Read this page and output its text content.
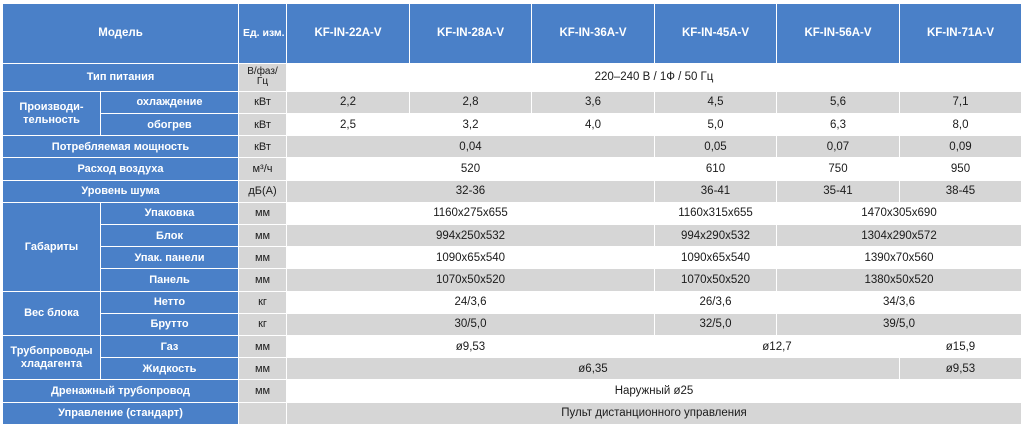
Модель		Ед. изм.	KF-IN-22A-V	KF-IN-28A-V	KF-IN-36A-V	KF-IN-45A-V	KF-IN-56A-V	KF-IN-71A-V
Тип питания		В/фаз/Гц	220–240 В / 1Ф / 50 Гц					
Производи-тельность	охлаждение	кВт	2,2	2,8	3,6	4,5	5,6	7,1
	обогрев	кВт	2,5	3,2	4,0	5,0	6,3	8,0
Потребляемая мощность		кВт	0,04			0,05	0,07	0,09
Расход воздуха		м³/ч	520			610	750	950
Уровень шума		дБ(А)	32-36			36-41	35-41	38-45
Габариты	Упаковка	мм	1160x275x655			1160x315x655	1470x305x690	
	Блок	мм	994x250x532			994x290x532	1304x290x572	
	Упак. панели	мм	1090x65x540			1090x65x540	1390x70x560	
	Панель	мм	1070x50x520			1070x50x520	1380x50x520	
Вес блока	Нетто	кг	24/3,6			26/3,6	34/3,6	
	Брутто	кг	30/5,0			32/5,0	39/5,0	
Трубопроводы хладагента	Газ	мм	ø9,53			ø12,7		ø15,9
	Жидкость	мм	ø6,35					ø9,53
Дренажный трубопровод		мм	Наружный ø25					
Управление (стандарт)			Пульт дистанционного управления					
